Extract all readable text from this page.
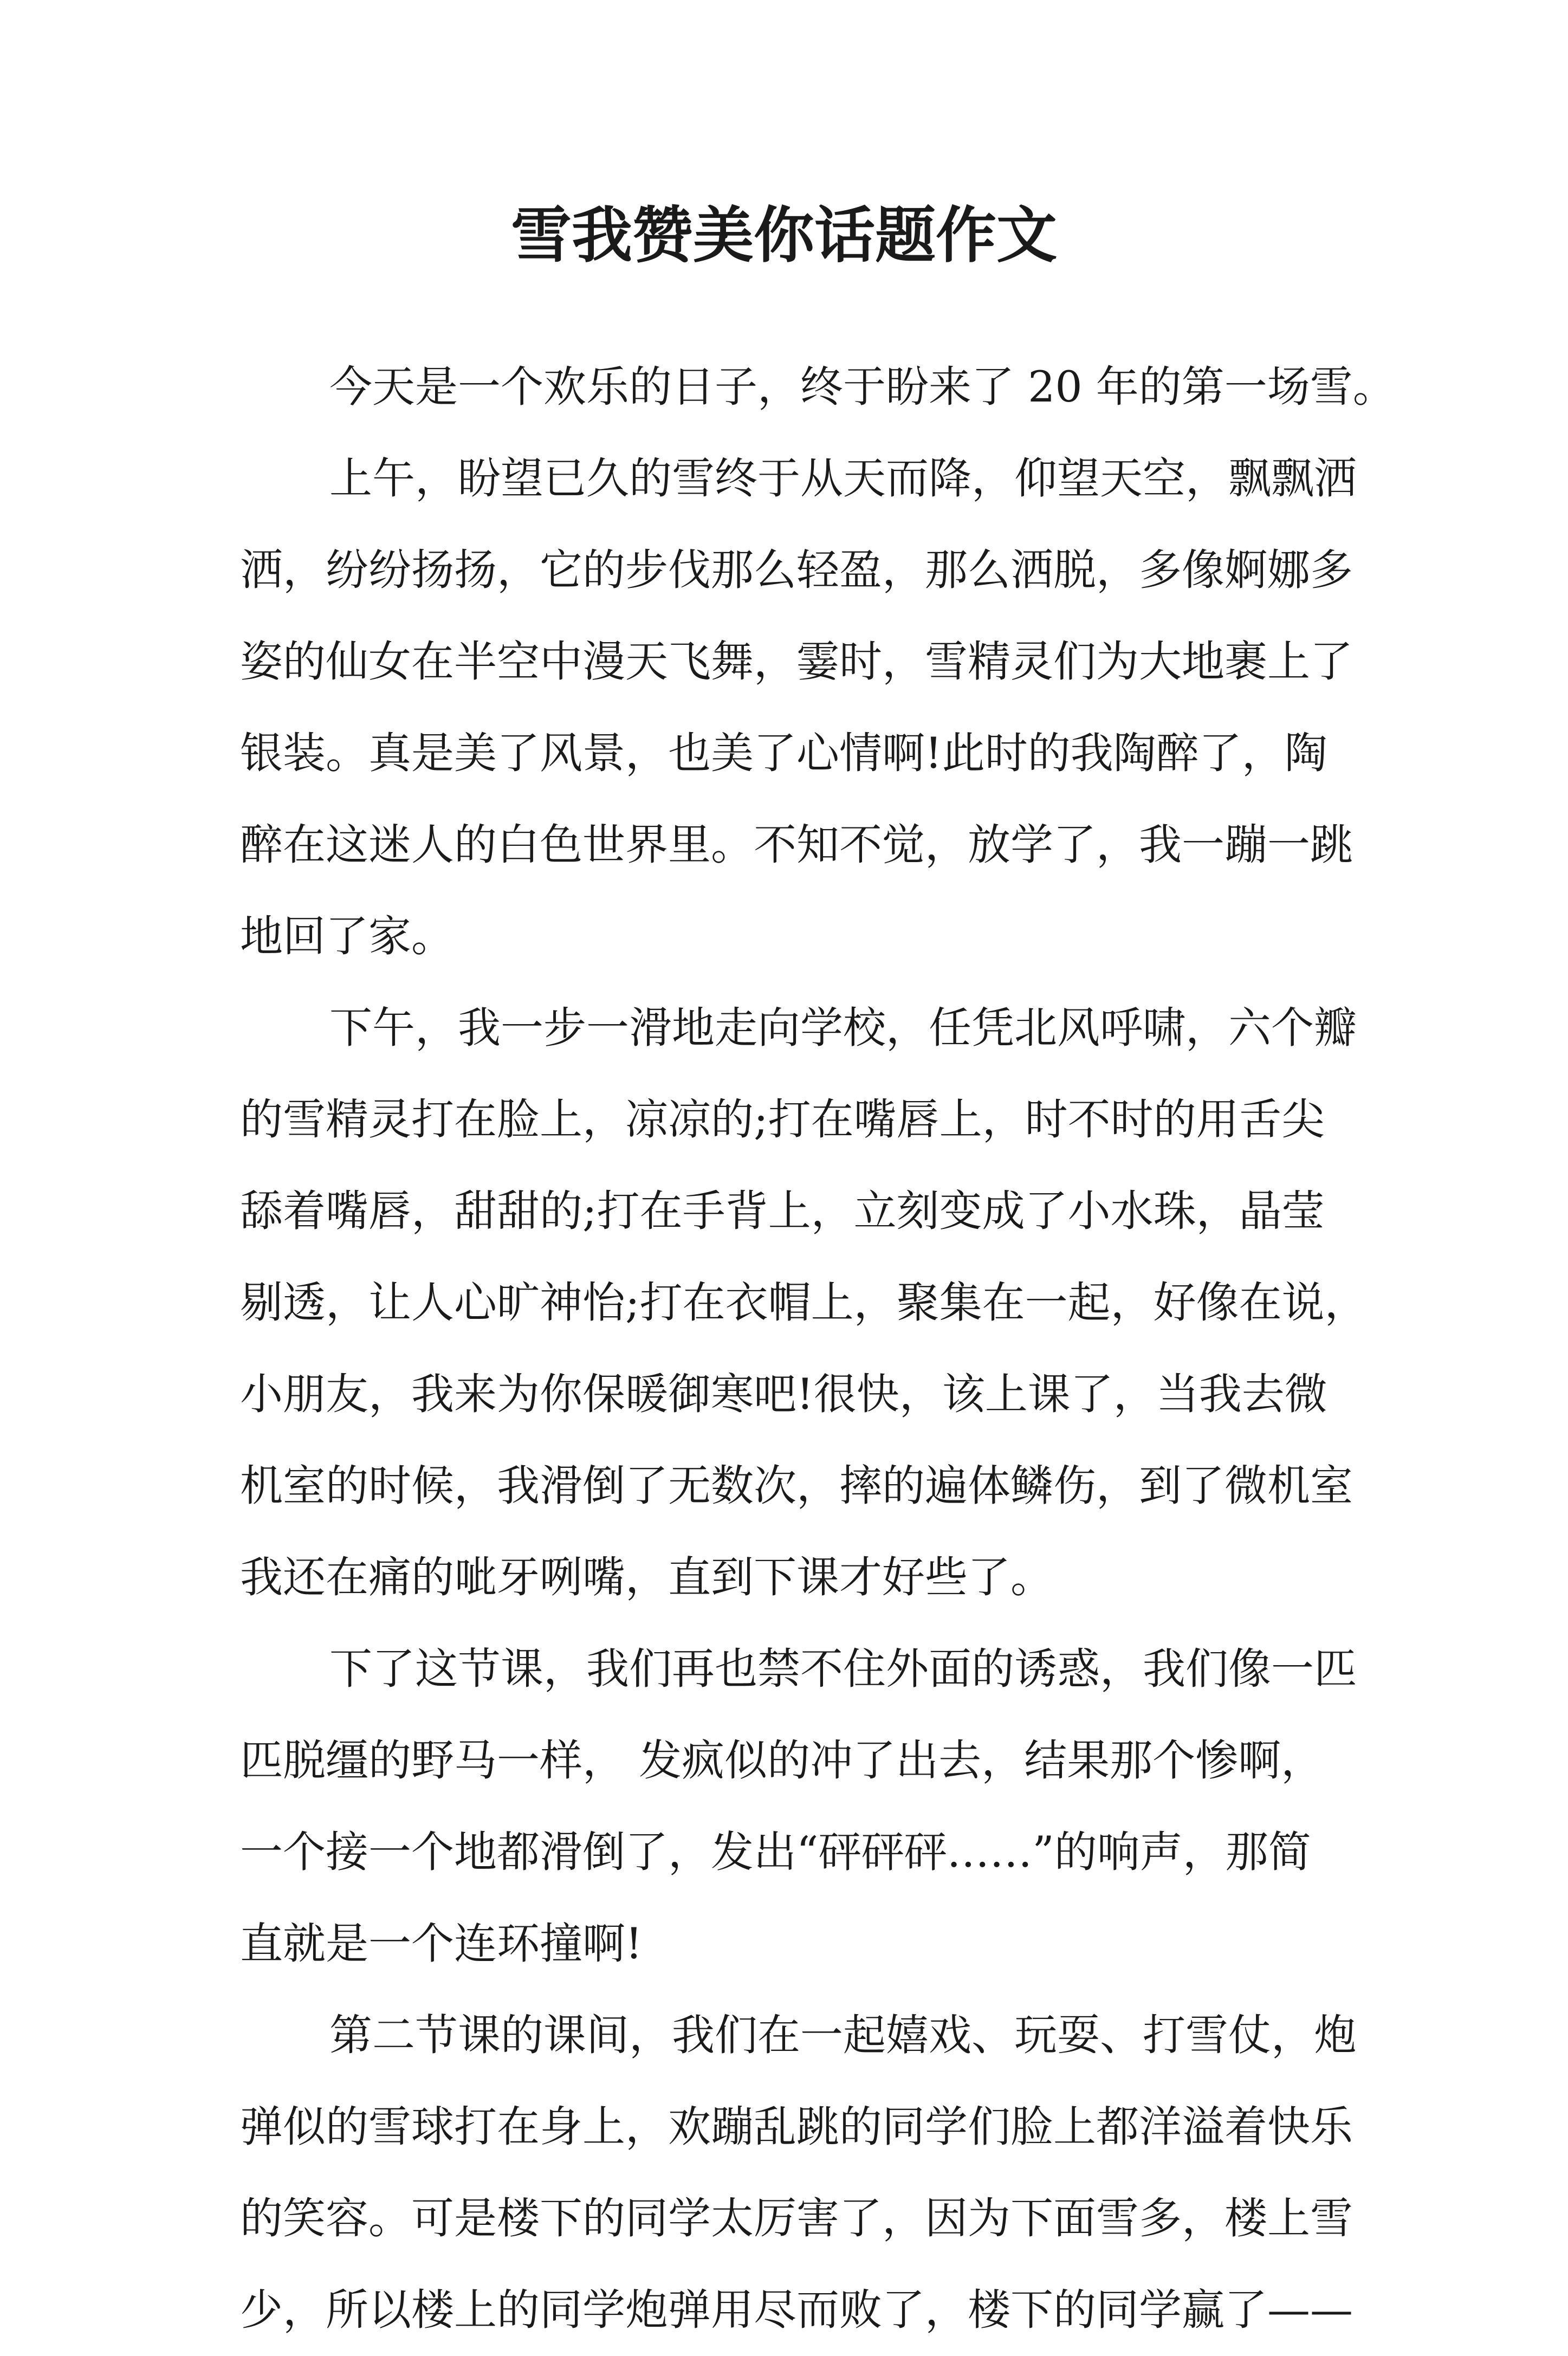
雪我赞美你话题作文
今天是一个欢乐的日子，终于盼来了 20 年的第一场雪。
上午，盼望已久的雪终于从天而降，仰望天空，飘飘洒
洒，纷纷扬扬，它的步伐那么轻盈，那么洒脱，多像婀娜多
姿的仙女在半空中漫天飞舞，霎时，雪精灵们为大地裹上了
银装。真是美了风景，也美了心情啊!此时的我陶醉了，陶
醉在这迷人的白色世界里。不知不觉，放学了，我一蹦一跳
地回了家。
下午，我一步一滑地走向学校，任凭北风呼啸，六个瓣
的雪精灵打在脸上，凉凉的;打在嘴唇上，时不时的用舌尖
舔着嘴唇，甜甜的;打在手背上，立刻变成了小水珠，晶莹
剔透，让人心旷神怡;打在衣帽上，聚集在一起，好像在说，
小朋友，我来为你保暖御寒吧!很快，该上课了，当我去微
机室的时候，我滑倒了无数次，摔的遍体鳞伤，到了微机室
我还在痛的呲牙咧嘴，直到下课才好些了。
下了这节课，我们再也禁不住外面的诱惑，我们像一匹
匹脱缰的野马一样， 发疯似的冲了出去，结果那个惨啊，
一个接一个地都滑倒了，发出“砰砰砰……”的响声，那简
直就是一个连环撞啊!
第二节课的课间，我们在一起嬉戏、玩耍、打雪仗，炮
弹似的雪球打在身上，欢蹦乱跳的同学们脸上都洋溢着快乐
的笑容。可是楼下的同学太厉害了，因为下面雪多，楼上雪
少，所以楼上的同学炮弹用尽而败了，楼下的同学赢了——
